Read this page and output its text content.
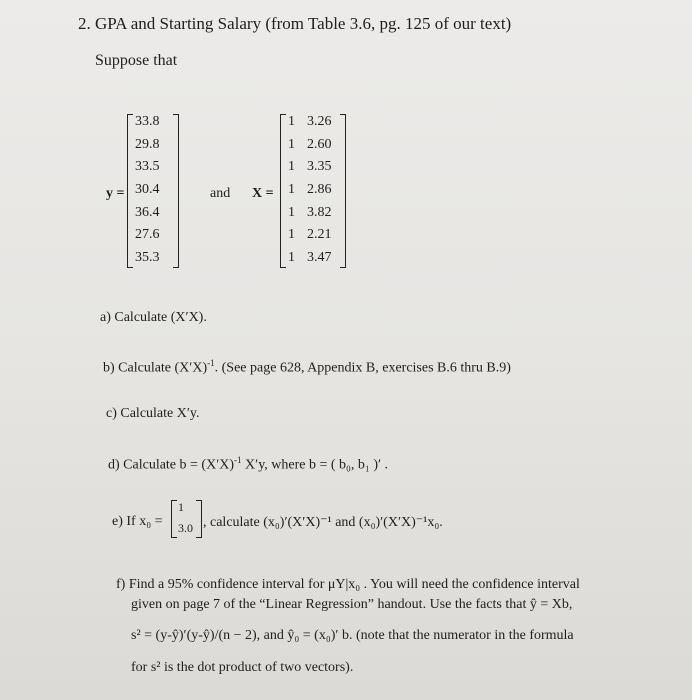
2. GPA and Starting Salary (from Table 3.6, pg. 125 of our text)
Suppose that
y =
33.8
29.8
33.5
30.4
36.4
27.6
35.3
and X =
1
1
1
1
1
1
1
3.26
2.60
3.35
2.86
3.82
2.21
3.47
a) Calculate (X′X).
b) Calculate $(X'X)^{-1}$. (See page 628, Appendix B, exercises B.6 thru B.9)
c) Calculate X′y.
d) Calculate $b = (X'X)^{-1}$ X′y, where b = ( b₀, b₁ )′ .
e) If x₀ =
1
3.0 , calculate (x₀)′(X′X)⁻¹ and (x₀)′(X′X)⁻¹x₀.
f) Find a 95% confidence interval for μY|x₀ . You will need the confidence interval
given on page 7 of the “Linear Regression” handout. Use the facts that ŷ = Xb,
s² = (y-ŷ)′(y-ŷ)/(n − 2), and ŷ₀ = (x₀)′ b. (note that the numerator in the formula
for s² is the dot product of two vectors).
